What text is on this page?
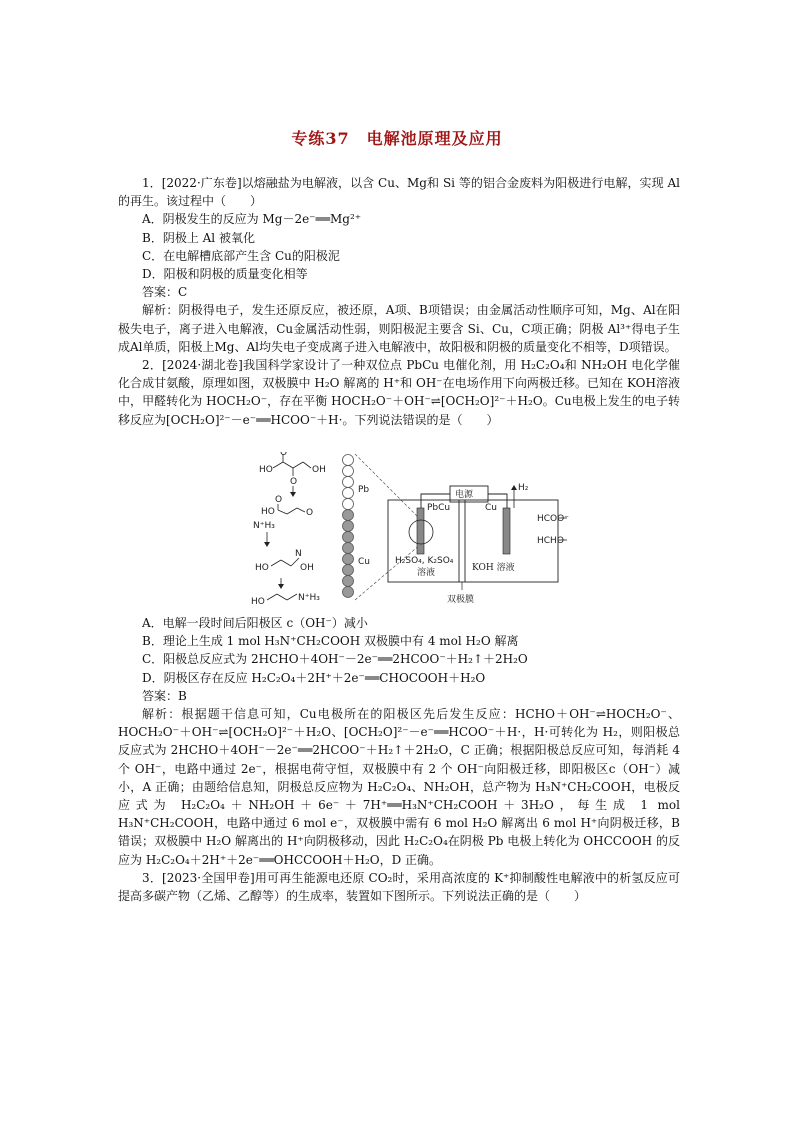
专练37　电解池原理及应用

1．[2022·广东卷]以熔融盐为电解液，以含 Cu、Mg和 Si 等的铝合金废料为阳极进行电解，实现 Al的再生。该过程中（　　）

A．阴极发生的反应为 Mg－2e⁻══Mg²⁺

B．阴极上 Al 被氧化

C．在电解槽底部产生含 Cu的阳极泥

D．阳极和阴极的质量变化相等

答案：C

解析：阴极得电子，发生还原反应，被还原，A项、B项错误；由金属活动性顺序可知，Mg、Al在阳极失电子，离子进入电解液，Cu金属活动性弱，则阳极泥主要含 Si、Cu，C项正确；阴极 Al³⁺得电子生成Al单质，阳极上Mg、Al均失电子变成离子进入电解液中，故阳极和阴极的质量变化不相等，D项错误。

2．[2024·湖北卷]我国科学家设计了一种双位点 PbCu 电催化剂，用 H₂C₂O₄和 NH₂OH 电化学催化合成甘氨酸，原理如图，双极膜中 H₂O 解离的 H⁺和 OH⁻在电场作用下向两极迁移。已知在 KOH溶液中，甲醛转化为 HOCH₂O⁻，存在平衡 HOCH₂O⁻＋OH⁻⇌[OCH₂O]²⁻＋H₂O。Cu电极上发生的电子转移反应为[OCH₂O]²⁻－e⁻══HCOO⁻＋H·。下列说法错误的是（　　）

HO
O
O
OH
O
HO	O
N⁺H₃
HO
N
OH
HO	N⁺H₃
Pb
Cu
电源
PbCu	Cu
H₂
HCOO⁻
HCHO
H₂SO₄, K₂SO₄
溶液	KOH 溶液
双极膜

A．电解一段时间后阳极区 c（OH⁻）减小

B．理论上生成 1 mol H₃N⁺CH₂COOH 双极膜中有 4 mol H₂O 解离

C．阳极总反应式为 2HCHO＋4OH⁻－2e⁻══2HCOO⁻＋H₂↑＋2H₂O

D．阴极区存在反应 H₂C₂O₄＋2H⁺＋2e⁻══CHOCOOH＋H₂O

答案：B

解析：根据题干信息可知，Cu电极所在的阳极区先后发生反应：HCHO＋OH⁻⇌HOCH₂O⁻、HOCH₂O⁻＋OH⁻⇌[OCH₂O]²⁻＋H₂O、[OCH₂O]²⁻－e⁻══HCOO⁻＋H·，H·可转化为 H₂，则阳极总反应式为 2HCHO＋4OH⁻－2e⁻══2HCOO⁻＋H₂↑＋2H₂O，C 正确；根据阳极总反应可知，每消耗 4 个 OH⁻，电路中通过 2e⁻，根据电荷守恒，双极膜中有 2 个 OH⁻向阳极迁移，即阳极区c（OH⁻）减小，A 正确；由题给信息知，阴极总反应物为 H₂C₂O₄、NH₂OH，总产物为 H₃N⁺CH₂COOH，电极反应式为 H₂C₂O₄＋NH₂OH＋6e⁻＋7H⁺══H₃N⁺CH₂COOH＋3H₂O，每生成 1 mol H₃N⁺CH₂COOH，电路中通过 6 mol e⁻，双极膜中需有 6 mol H₂O 解离出 6 mol H⁺向阴极迁移，B 错误；双极膜中 H₂O 解离出的 H⁺向阴极移动，因此 H₂C₂O₄在阴极 Pb 电极上转化为 OHCCOOH 的反应为 H₂C₂O₄＋2H⁺＋2e⁻══OHCCOOH＋H₂O，D 正确。

3．[2023·全国甲卷]用可再生能源电还原 CO₂时，采用高浓度的 K⁺抑制酸性电解液中的析氢反应可提高多碳产物（乙烯、乙醇等）的生成率，装置如下图所示。下列说法正确的是（　　）
